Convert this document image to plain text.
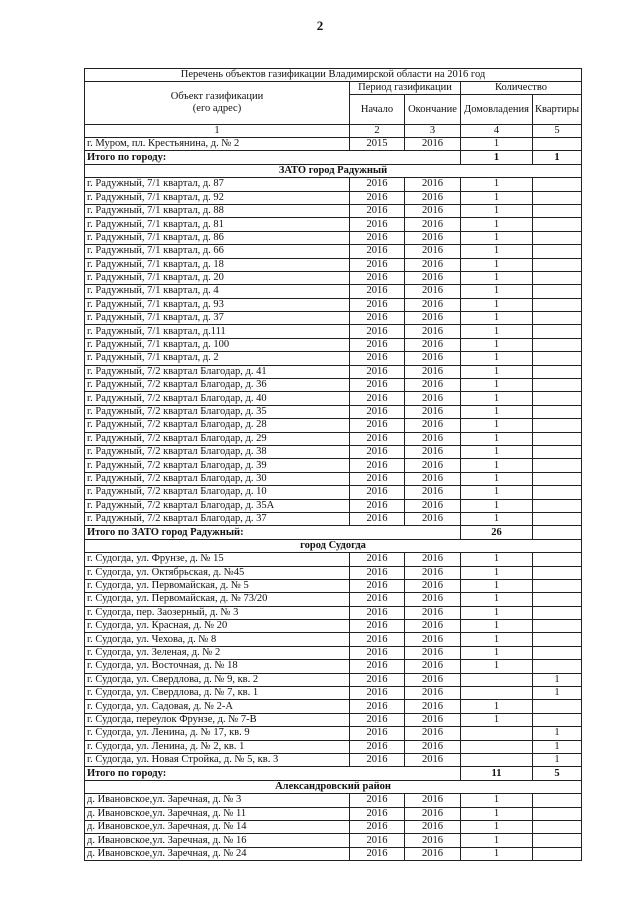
2
Перечень объектов газификации Владимирской области на 2016 год				
Объект газификации
(его адрес)	Период газификации		Количество	
	Начало	Окончание	Домовладения	Квартиры
1	2	3	4	5
г. Муром, пл. Крестьянина, д. № 2	2015	2016	1	
Итого по городу:			1	1
ЗАТО город Радужный				
г. Радужный, 7/1 квартал, д. 87	2016	2016	1	
г. Радужный, 7/1 квартал, д. 92	2016	2016	1	
г. Радужный, 7/1 квартал, д. 88	2016	2016	1	
г. Радужный, 7/1 квартал, д. 81	2016	2016	1	
г. Радужный, 7/1 квартал, д. 86	2016	2016	1	
г. Радужный, 7/1 квартал, д. 66	2016	2016	1	
г. Радужный, 7/1 квартал, д. 18	2016	2016	1	
г. Радужный, 7/1 квартал, д. 20	2016	2016	1	
г. Радужный, 7/1 квартал, д. 4	2016	2016	1	
г. Радужный, 7/1 квартал, д. 93	2016	2016	1	
г. Радужный, 7/1 квартал, д. 37	2016	2016	1	
г. Радужный, 7/1 квартал, д.111	2016	2016	1	
г. Радужный, 7/1 квартал, д. 100	2016	2016	1	
г. Радужный, 7/1 квартал, д. 2	2016	2016	1	
г. Радужный, 7/2 квартал Благодар, д. 41	2016	2016	1	
г. Радужный, 7/2 квартал Благодар, д. 36	2016	2016	1	
г. Радужный, 7/2 квартал Благодар, д. 40	2016	2016	1	
г. Радужный, 7/2 квартал Благодар, д. 35	2016	2016	1	
г. Радужный, 7/2 квартал Благодар, д. 28	2016	2016	1	
г. Радужный, 7/2 квартал Благодар, д. 29	2016	2016	1	
г. Радужный, 7/2 квартал Благодар, д. 38	2016	2016	1	
г. Радужный, 7/2 квартал Благодар, д. 39	2016	2016	1	
г. Радужный, 7/2 квартал Благодар, д. 30	2016	2016	1	
г. Радужный, 7/2 квартал Благодар, д. 10	2016	2016	1	
г. Радужный, 7/2 квартал Благодар, д. 35А	2016	2016	1	
г. Радужный, 7/2 квартал Благодар, д. 37	2016	2016	1	
Итого по ЗАТО город Радужный:			26	
город Судогда				
г. Судогда, ул. Фрунзе, д. № 15	2016	2016	1	
г. Судогда, ул. Октябрьская, д. №45	2016	2016	1	
г. Судогда, ул. Первомайская, д. № 5	2016	2016	1	
г. Судогда, ул. Первомайская, д. № 73/20	2016	2016	1	
г. Судогда, пер. Заозерный, д. № 3	2016	2016	1	
г. Судогда, ул. Красная, д. № 20	2016	2016	1	
г. Судогда, ул. Чехова, д. № 8	2016	2016	1	
г. Судогда, ул. Зеленая, д. № 2	2016	2016	1	
г. Судогда, ул. Восточная, д. № 18	2016	2016	1	
г. Судогда, ул. Свердлова, д. № 9, кв. 2	2016	2016		1
г. Судогда, ул. Свердлова, д. № 7, кв. 1	2016	2016		1
г. Судогда, ул. Садовая, д. № 2-А	2016	2016	1	
г. Судогда, переулок Фрунзе, д. № 7-В	2016	2016	1	
г. Судогда, ул. Ленина, д. № 17, кв. 9	2016	2016		1
г. Судогда, ул. Ленина, д. № 2, кв. 1	2016	2016		1
г. Судогда, ул. Новая Стройка, д. № 5, кв. 3	2016	2016		1
Итого по городу:			11	5
Александровский район				
д. Ивановское,ул. Заречная, д. № 3	2016	2016	1	
д. Ивановское,ул. Заречная, д. № 11	2016	2016	1	
д. Ивановское,ул. Заречная, д. № 14	2016	2016	1	
д. Ивановское,ул. Заречная, д. № 16	2016	2016	1	
д. Ивановское,ул. Заречная, д. № 24	2016	2016	1	
